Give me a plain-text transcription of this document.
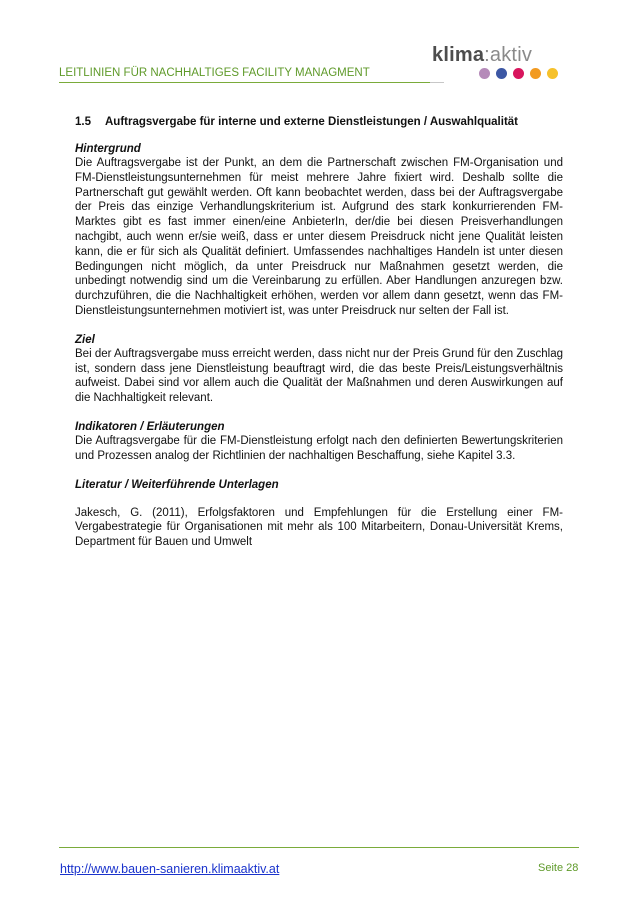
klima:aktiv
LEITLINIEN FÜR NACHHALTIGES FACILITY MANAGMENT
1.5 Auftragsvergabe für interne und externe Dienstleistungen / Auswahlqualität
Hintergrund

Die Auftragsvergabe ist der Punkt, an dem die Partnerschaft zwischen FM-Organisation und FM-Dienstleistungsunternehmen für meist mehrere Jahre fixiert wird. Deshalb sollte die Partnerschaft gut gewählt werden. Oft kann beobachtet werden, dass bei der Auftragsvergabe der Preis das einzige Verhandlungskriterium ist. Aufgrund des stark konkurrierenden FM-Marktes gibt es fast immer einen/eine AnbieterIn, der/die bei diesen Preisverhandlungen nachgibt, auch wenn er/sie weiß, dass er unter diesem Preisdruck nicht jene Qualität leisten kann, die er für sich als Qualität definiert. Umfassendes nachhaltiges Handeln ist unter diesen Bedingungen nicht möglich, da unter Preisdruck nur Maßnahmen gesetzt werden, die unbedingt notwendig sind um die Vereinbarung zu erfüllen. Aber Handlungen anzuregen bzw. durchzuführen, die die Nachhaltigkeit erhöhen, werden vor allem dann gesetzt, wenn das FM-Dienstleistungsunternehmen motiviert ist, was unter Preisdruck nur selten der Fall ist.

Ziel

Bei der Auftragsvergabe muss erreicht werden, dass nicht nur der Preis Grund für den Zuschlag ist, sondern dass jene Dienstleistung beauftragt wird, die das beste Preis/Leistungsverhältnis aufweist. Dabei sind vor allem auch die Qualität der Maßnahmen und deren Auswirkungen auf die Nachhaltigkeit relevant.

Indikatoren / Erläuterungen

Die Auftragsvergabe für die FM-Dienstleistung erfolgt nach den definierten Bewertungskriterien und Prozessen analog der Richtlinien der nachhaltigen Beschaffung, siehe Kapitel 3.3.

Literatur / Weiterführende Unterlagen

Jakesch, G. (2011), Erfolgsfaktoren und Empfehlungen für die Erstellung einer FM-Vergabestrategie für Organisationen mit mehr als 100 Mitarbeitern, Donau-Universität Krems, Department für Bauen und Umwelt

http://www.bauen-sanieren.klimaaktiv.at	Seite 28
